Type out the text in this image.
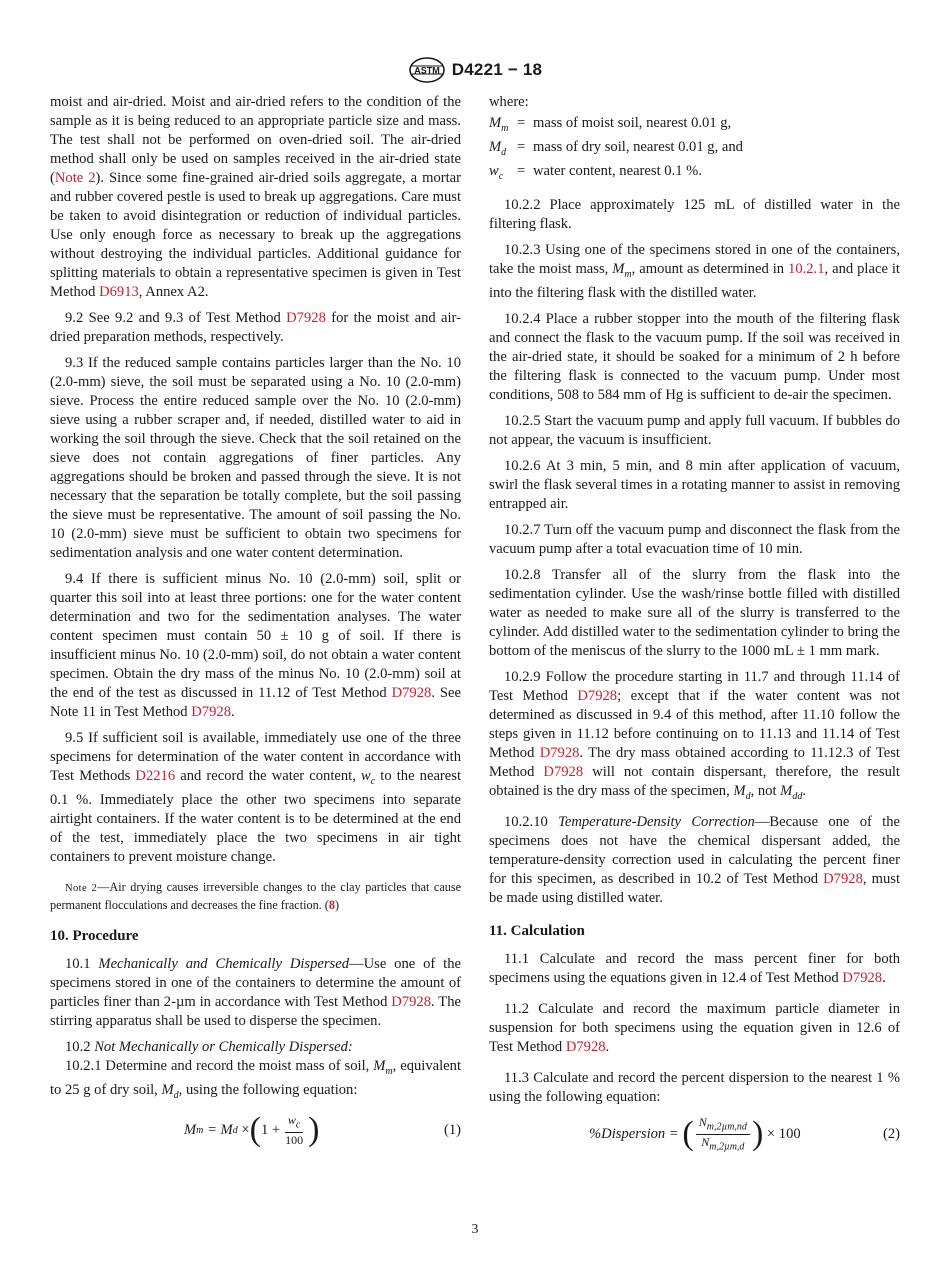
ASTM D4221 − 18

moist and air-dried. Moist and air-dried refers to the condition of the sample as it is being reduced to an appropriate particle size and mass. The test shall not be performed on oven-dried soil. The air-dried method shall only be used on samples received in the air-dried state (Note 2). Since some fine-grained air-dried soils aggregate, a mortar and rubber covered pestle is used to break up aggregations. Care must be taken to avoid disintegration or reduction of individual particles. Use only enough force as necessary to break up the aggregations without destroying the individual particles. Additional guidance for splitting materials to obtain a representative specimen is given in Test Method D6913, Annex A2.

9.2 See 9.2 and 9.3 of Test Method D7928 for the moist and air-dried preparation methods, respectively.

9.3 If the reduced sample contains particles larger than the No. 10 (2.0-mm) sieve, the soil must be separated using a No. 10 (2.0-mm) sieve. Process the entire reduced sample over the No. 10 (2.0-mm) sieve using a rubber scraper and, if needed, distilled water to aid in working the soil through the sieve. Check that the soil retained on the sieve does not contain aggregations of finer particles. Any aggregations should be broken and passed through the sieve. It is not necessary that the separation be totally complete, but the soil passing the sieve must be representative. The amount of soil passing the No. 10 (2.0-mm) sieve must be sufficient to obtain two specimens for sedimentation analysis and one water content determination.

9.4 If there is sufficient minus No. 10 (2.0-mm) soil, split or quarter this soil into at least three portions: one for the water content determination and two for the sedimentation analyses. The water content specimen must contain 50 ± 10 g of soil. If there is insufficient minus No. 10 (2.0-mm) soil, do not obtain a water content specimen. Obtain the dry mass of the minus No. 10 (2.0-mm) soil at the end of the test as discussed in 11.12 of Test Method D7928. See Note 11 in Test Method D7928.

9.5 If sufficient soil is available, immediately use one of the three specimens for determination of the water content in accordance with Test Methods D2216 and record the water content, $w_c$ to the nearest 0.1 %. Immediately place the other two specimens into separate airtight containers. If the water content is to be determined at the end of the test, immediately place the two specimens in air tight containers to prevent moisture change.

Note 2—Air drying causes irreversible changes to the clay particles that cause permanent flocculations and decreases the fine fraction. (8)
10. Procedure

10.1 Mechanically and Chemically Dispersed—Use one of the specimens stored in one of the containers to determine the amount of particles finer than 2-µm in accordance with Test Method D7928. The stirring apparatus shall be used to disperse the specimen.

10.2 Not Mechanically or Chemically Dispersed:

10.2.1 Determine and record the moist mass of soil, $M_m$, equivalent to 25 g of dry soil, $M_d$, using the following equation:

M m
= M d
× ( $1 + \frac{w_c}{100}$ )	(1)

where:

$M_m$ = mass of moist soil, nearest 0.01 g,
$M_d$ = mass of dry soil, nearest 0.01 g, and
$w_c$ = water content, nearest 0.1 %.

10.2.2 Place approximately 125 mL of distilled water in the filtering flask.

10.2.3 Using one of the specimens stored in one of the containers, take the moist mass, $M_m$, amount as determined in 10.2.1, and place it into the filtering flask with the distilled water.

10.2.4 Place a rubber stopper into the mouth of the filtering flask and connect the flask to the vacuum pump. If the soil was received in the air-dried state, it should be soaked for a minimum of 2 h before the filtering flask is connected to the vacuum pump. Under most conditions, 508 to 584 mm of Hg is sufficient to de-air the specimen.

10.2.5 Start the vacuum pump and apply full vacuum. If bubbles do not appear, the vacuum is insufficient.

10.2.6 At 3 min, 5 min, and 8 min after application of vacuum, swirl the flask several times in a rotating manner to assist in removing entrapped air.

10.2.7 Turn off the vacuum pump and disconnect the flask from the vacuum pump after a total evacuation time of 10 min.

10.2.8 Transfer all of the slurry from the flask into the sedimentation cylinder. Use the wash/rinse bottle filled with distilled water as needed to make sure all of the slurry is transferred to the cylinder. Add distilled water to the sedimentation cylinder to bring the bottom of the meniscus of the slurry to the 1000 mL ± 1 mm mark.

10.2.9 Follow the procedure starting in 11.7 and through 11.14 of Test Method D7928; except that if the water content was not determined as discussed in 9.4 of this method, after 11.10 follow the steps given in 11.12 before continuing on to 11.13 and 11.14 of Test Method D7928. The dry mass obtained according to 11.12.3 of Test Method D7928 will not contain dispersant, therefore, the result obtained is the dry mass of the specimen, $M_d$, not $M_{dd}$.

10.2.10 Temperature-Density Correction—Because one of the specimens does not have the chemical dispersant added, the temperature-density correction used in calculating the percent finer for this specimen, as described in 10.2 of Test Method D7928, must be made using distilled water.

11. Calculation

11.1 Calculate and record the mass percent finer for both specimens using the equations given in 12.4 of Test Method D7928.

11.2 Calculate and record the maximum particle diameter in suspension for both specimens using the equation given in 12.6 of Test Method D7928.

11.3 Calculate and record the percent dispersion to the nearest 1 % using the following equation:

%Dispersion =
( $\frac{N_{m,2\mu m,nd}}{N_{m,2\mu m,d}}$ )
× 100	(2)
3
